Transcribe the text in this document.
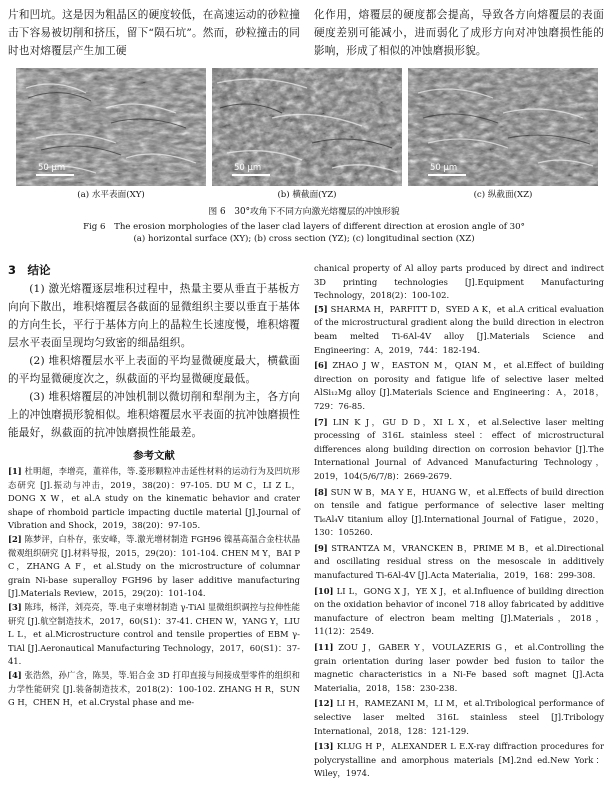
片和凹坑。这是因为粗晶区的硬度较低，在高速运动的砂粒撞击下容易被切削和挤压，留下“陨石坑”。然而，砂粒撞击的同时也对熔覆层产生加工硬

化作用，熔覆层的硬度都会提高，导致各方向熔覆层的表面硬度差别可能减小，进而弱化了成形方向对冲蚀磨损性能的影响，形成了相似的冲蚀磨损形貌。

50 μm	50 μm	50 μm
(a) 水平表面(XY)	(b) 横截面(YZ)	(c) 纵截面(XZ)
图 6　30°攻角下不同方向激光熔覆层的冲蚀形貌
Fig 6　The erosion morphologies of the laser clad layers of different direction at erosion angle of 30°
(a) horizontal surface (XY); (b) cross section (YZ); (c) longitudinal section (XZ)
3　结论

(1) 激光熔覆逐层堆积过程中，热量主要从垂直于基板方向向下散出，堆积熔覆层各截面的显微组织主要以垂直于基体的方向生长，平行于基体方向上的晶粒生长速度慢，堆积熔覆层水平表面呈现均匀致密的细晶组织。

(2) 堆积熔覆层水平上表面的平均显微硬度最大，横截面的平均显微硬度次之，纵截面的平均显微硬度最低。

(3) 堆积熔覆层的冲蚀机制以微切削和犁削为主，各方向上的冲蚀磨损形貌相似。堆积熔覆层水平表面的抗冲蚀磨损性能最好，纵截面的抗冲蚀磨损性能最差。

参考文献
[1] 杜明超，李增亮，董祥伟，等.菱形颗粒冲击延性材料的运动行为及凹坑形态研究 [J].振动与冲击，2019，38(20)：97-105. DU M C，LI Z L，DONG X W，et al.A study on the kinematic behavior and crater shape of rhomboid particle impacting ductile material [J].Journal of Vibration and Shock，2019，38(20)：97-105.
[2] 陈梦评，白朴存，张安峰，等.激光增材制造 FGH96 镍基高温合金柱状晶微观组织研究 [J].材料导报，2015，29(20)：101-104. CHEN M Y，BAI P C，ZHANG A F，et al.Study on the microstructure of columnar grain Ni-base superalloy FGH96 by laser additive manufacturing [J].Materials Review，2015，29(20)：101-104.
[3] 陈玮，杨洋，刘亮亮，等.电子束增材制造 γ-TiAl 显微组织调控与拉伸性能研究 [J].航空制造技术，2017，60(S1)：37-41. CHEN W，YANG Y，LIU L L，et al.Microstructure control and tensile properties of EBM γ-TiAl [J].Aeronautical Manufacturing Technology，2017，60(S1)：37-41.
[4] 张浩然，孙广含，陈昊，等.铝合金 3D 打印直接与间接成型零件的组织和力学性能研究 [J].装备制造技术，2018(2)：100-102. ZHANG H R，SUN G H，CHEN H，et al.Crystal phase and me-
chanical property of Al alloy parts produced by direct and indirect 3D printing technologies [J].Equipment Manufacturing Technology，2018(2)：100-102.
[5] SHARMA H，PARFITT D，SYED A K，et al.A critical evaluation of the microstructural gradient along the build direction in electron beam melted Ti-6Al-4V alloy [J].Materials Science and Engineering：A，2019，744：182-194.
[6] ZHAO J W，EASTON M，QIAN M，et al.Effect of building direction on porosity and fatigue life of selective laser melted AlSi₁₂Mg alloy [J].Materials Science and Engineering：A，2018，729：76-85.
[7] LIN K J，GU D D，XI L X，et al.Selective laser melting processing of 316L stainless steel：effect of microstructural differences along building direction on corrosion behavior [J].The International Journal of Advanced Manufacturing Technology，2019，104(5/6/7/8)：2669-2679.
[8] SUN W B，MA Y E，HUANG W，et al.Effects of build direction on tensile and fatigue performance of selective laser melting Ti₆Al₄V titanium alloy [J].International Journal of Fatigue，2020，130：105260.
[9] STRANTZA M，VRANCKEN B，PRIME M B，et al.Directional and oscillating residual stress on the mesoscale in additively manufactured Ti-6Al-4V [J].Acta Materialia，2019，168：299-308.
[10] LI L，GONG X J，YE X J，et al.Influence of building direction on the oxidation behavior of inconel 718 alloy fabricated by additive manufacture of electron beam melting [J].Materials，2018，11(12)：2549.
[11] ZOU J，GABER Y，VOULAZERIS G，et al.Controlling the grain orientation during laser powder bed fusion to tailor the magnetic characteristics in a Ni-Fe based soft magnet [J].Acta Materialia，2018，158：230-238.
[12] LI H，RAMEZANI M，LI M，et al.Tribological performance of selective laser melted 316L stainless steel [J].Tribology International，2018，128：121-129.
[13] KLUG H P，ALEXANDER L E.X-ray diffraction procedures for polycrystalline and amorphous materials [M].2nd ed.New York：Wiley，1974.
